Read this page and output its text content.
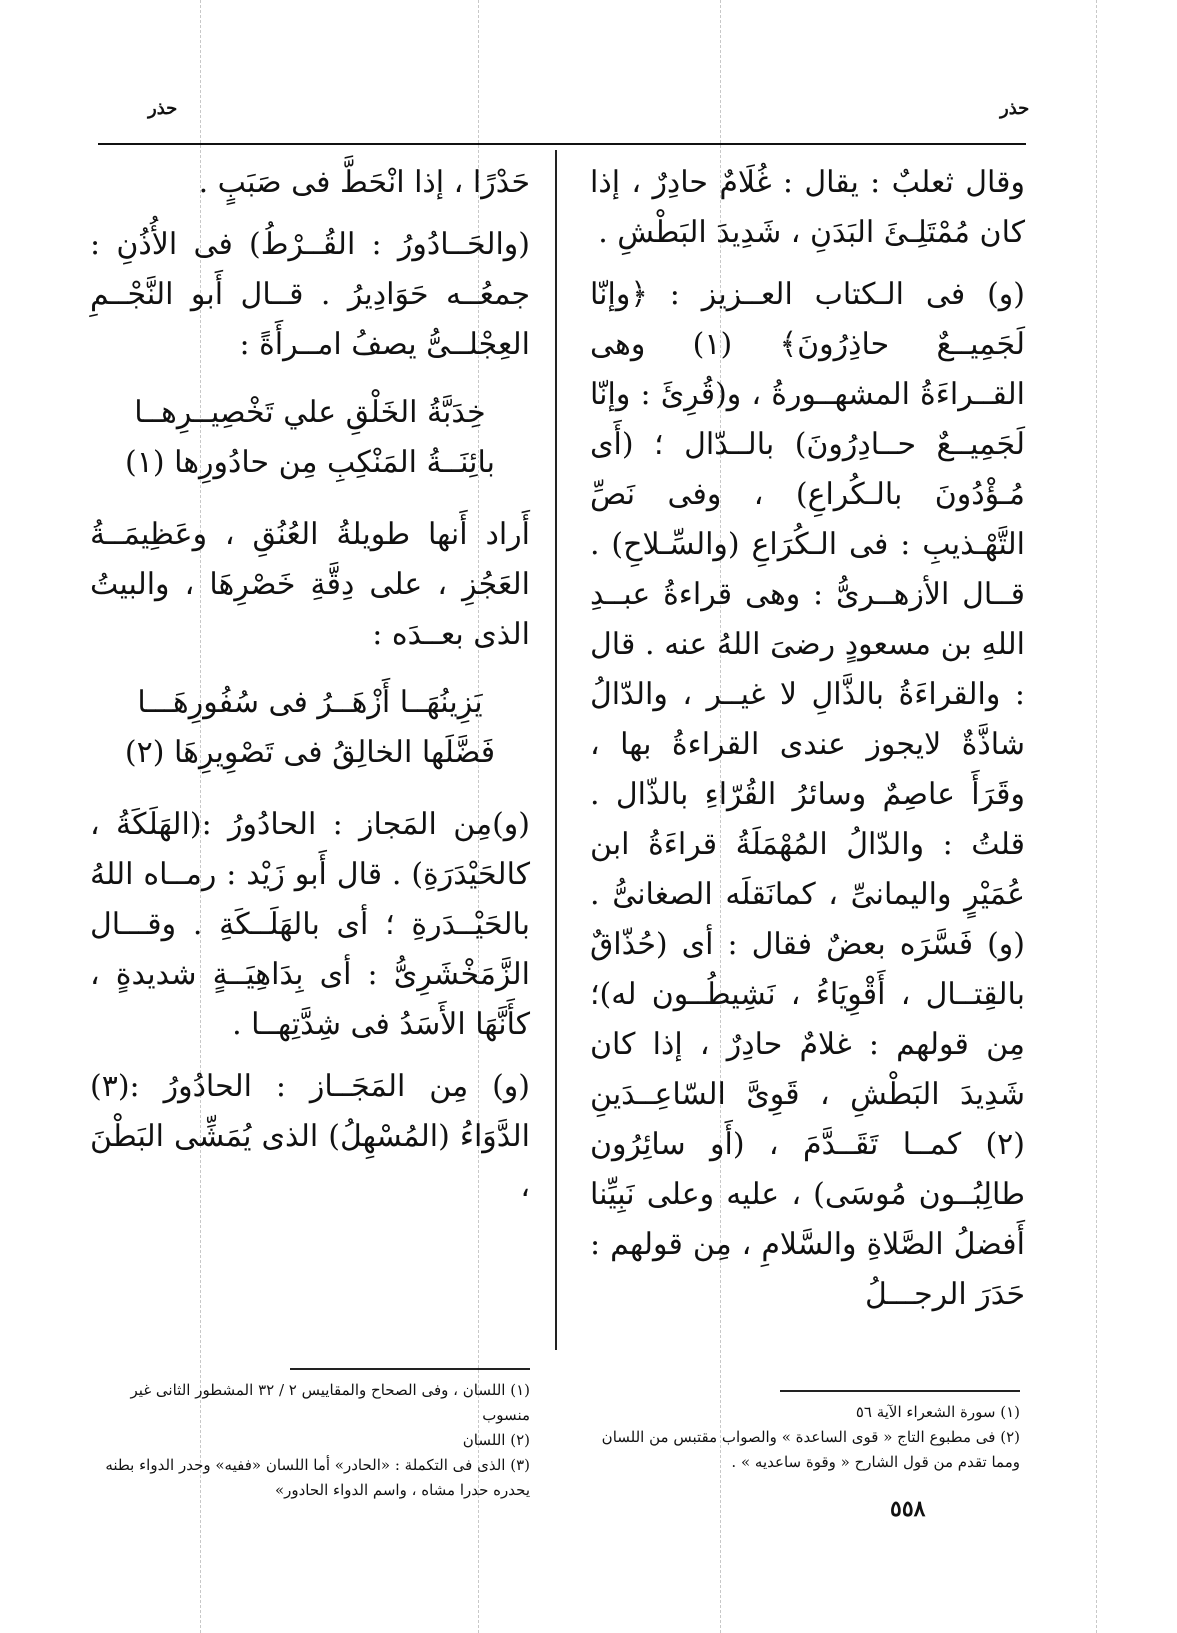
حذر	حذر

وقال ثعلبٌ : يقال : غُلَامٌ حادِرٌ ، إذا كان مُمْتَلِـئَ البَدَنِ ، شَدِيدَ البَطْشِ .

(و) فى الـكتاب العــزيز : ﴿وإنّا لَجَمِيــعٌ حاذِرُونَ﴾ (١) وهى القــراءَةُ المشهــورةُ ، و(قُرِئَ : وإنّا لَجَمِيــعٌ حــادِرُونَ) بالــدّال ؛ (أَى مُـؤْدُونَ بالـكُراعِ) ، وفى نَصِّ التَّهْـذيبِ : فى الـكُرَاعِ (والسِّـلاحِ) . قــال الأزهــرىُّ : وهى قراءةُ عبــدِ اللهِ بن مسعودٍ رضىَ اللهُ عنه . قال : والقراءَةُ بالذَّالِ لا غيــر ، والدّالُ شاذَّةٌ لايجوز عندى القراءةُ بها ، وقَرَأَ عاصِمٌ وسائرُ القُرّاءِ بالذّال . قلتُ : والدّالُ المُهْمَلَةُ قراءَةُ ابن عُمَيْرٍ واليمانىِّ ، كمانَقلَه الصغانىُّ . (و) فَسَّرَه بعضٌ فقال : أى (حُذّاقٌ بالقِتــال ، أَقْوِيَاءُ ، نَشِيطُــون له)؛ مِن قولهم : غلامٌ حادِرٌ ، إذا كان شَدِيدَ البَطْشِ ، قَوِىَّ السّاعِــدَينِ (٢) كمــا تَقَــدَّمَ ، (أَو سائِرُون طالِبُــون مُوسَى) ، عليه وعلى نَبِيِّنا أَفضلُ الصَّلاةِ والسَّلامِ ، مِن قولهم : حَدَرَ الرجـــلُ

حَدْرًا ، إذا انْحَطَّ فى صَبَبٍ .

(والحَــادُورُ : القُــرْطُ) فى الأُذُنِ : جمعُــه حَوَادِيرُ . قــال أَبو النَّجْــمِ العِجْلــىُّ يصفُ امــرأَةً :

خِدَبَّةُ الخَلْقِ علي تَخْصِيــرِهــا
بائِنَــةُ المَنْكِبِ مِن حادُورِها (١)

أَراد أَنها طويلةُ العُنُقِ ، وعَظِيمَــةُ العَجُزِ ، على دِقَّةِ خَصْرِهَا ، والبيتُ الذى بعــدَه :

يَزِينُهَــا أَزْهَــرُ فى سُفُورِهَـــا
فَضَّلَها الخالِقُ فى تَصْوِيرِهَا (٢)

(و)مِن المَجاز : الحادُورُ :(الهَلَكَةُ ، كالحَيْدَرَةِ) . قال أَبو زَيْد : رمــاه اللهُ بالحَيْــدَرةِ ؛ أى بالهَلَــكَةِ . وقـــال الزَّمَخْشَرِىُّ : أى بِدَاهِيَــةٍ شديدةٍ ، كأَنَّهَا الأَسَدُ فى شِدَّتِهــا .

(و) مِن المَجَــاز : الحادُورُ :(٣) الدَّوَاءُ (المُسْهِلُ) الذى يُمَشِّى البَطْنَ ،

(١) اللسان ، وفى الصحاح والمقاييس ٢ / ٣٢ المشطور الثانى غير منسوب

(٢) اللسان

(٣) الذى فى التكملة : «الحادر» أما اللسان «ففيه» وحدر الدواء بطنه يحدره حدرا مشاه ، واسم الدواء الحادور»

(١) سورة الشعراء الآية ٥٦

(٢) فى مطبوع التاج « قوى الساعدة » والصواب مقتبس من اللسان ومما تقدم من قول الشارح « وقوة ساعديه » .

٥٥٨
